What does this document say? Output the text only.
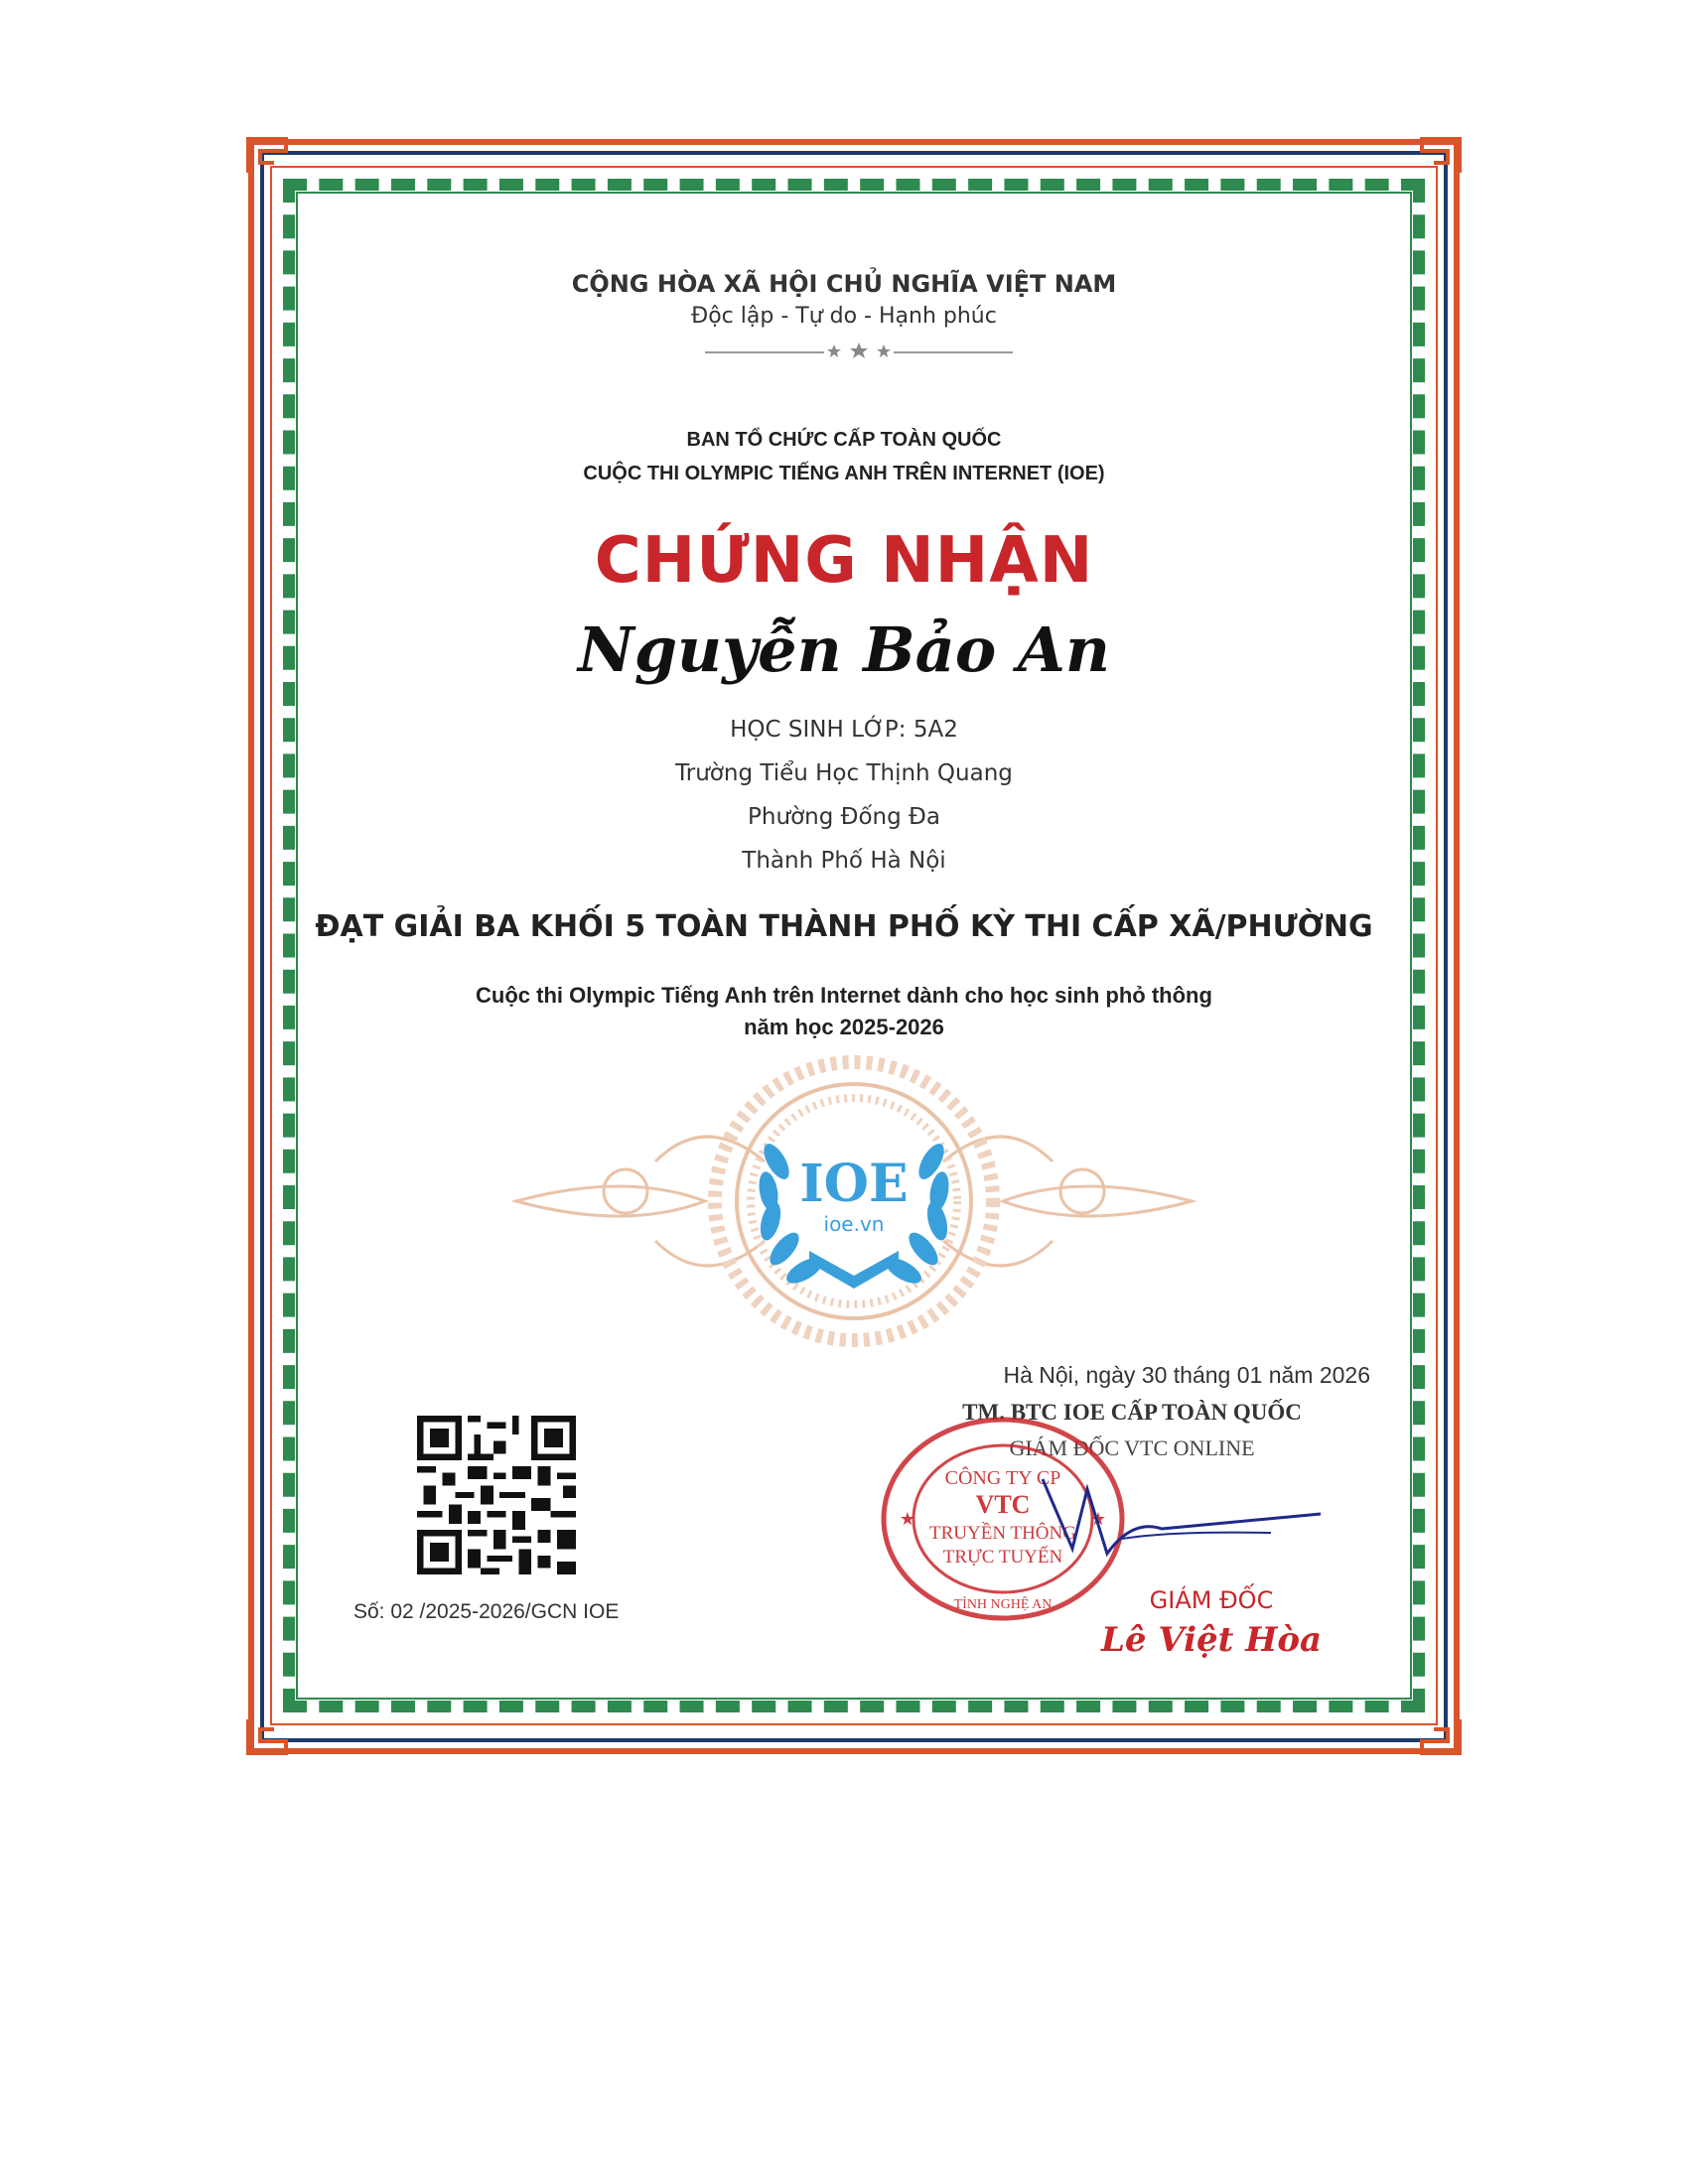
CỘNG HÒA XÃ HỘI CHỦ NGHĨA VIỆT NAM
Độc lập - Tự do - Hạnh phúc
BAN TỔ CHỨC CẤP TOÀN QUỐC
CUỘC THI OLYMPIC TIẾNG ANH TRÊN INTERNET (IOE)
CHỨNG NHẬN
Nguyễn Bảo An
HỌC SINH LỚP: 5A2
Trường Tiểu Học Thịnh Quang
Phường Đống Đa
Thành Phố Hà Nội
ĐẠT GIẢI BA KHỐI 5 TOÀN THÀNH PHỐ KỲ THI CẤP XÃ/PHƯỜNG
Cuộc thi Olympic Tiếng Anh trên Internet dành cho học sinh phỏ thông
năm học 2025-2026
IOE
ioe.vn
Hà Nội, ngày 30 tháng 01 năm 2026
TM. BTC IOE CẤP TOÀN QUỐC
GIÁM ĐỐC VTC ONLINE
CÔNG TY CP
VTC
TRUYỀN THÔNG
TRỰC TUYẾN
TỈNH NGHỆ AN
★	★
GIÁM ĐỐC
Lê Việt Hòa
Số: 02 /2025-2026/GCN IOE
